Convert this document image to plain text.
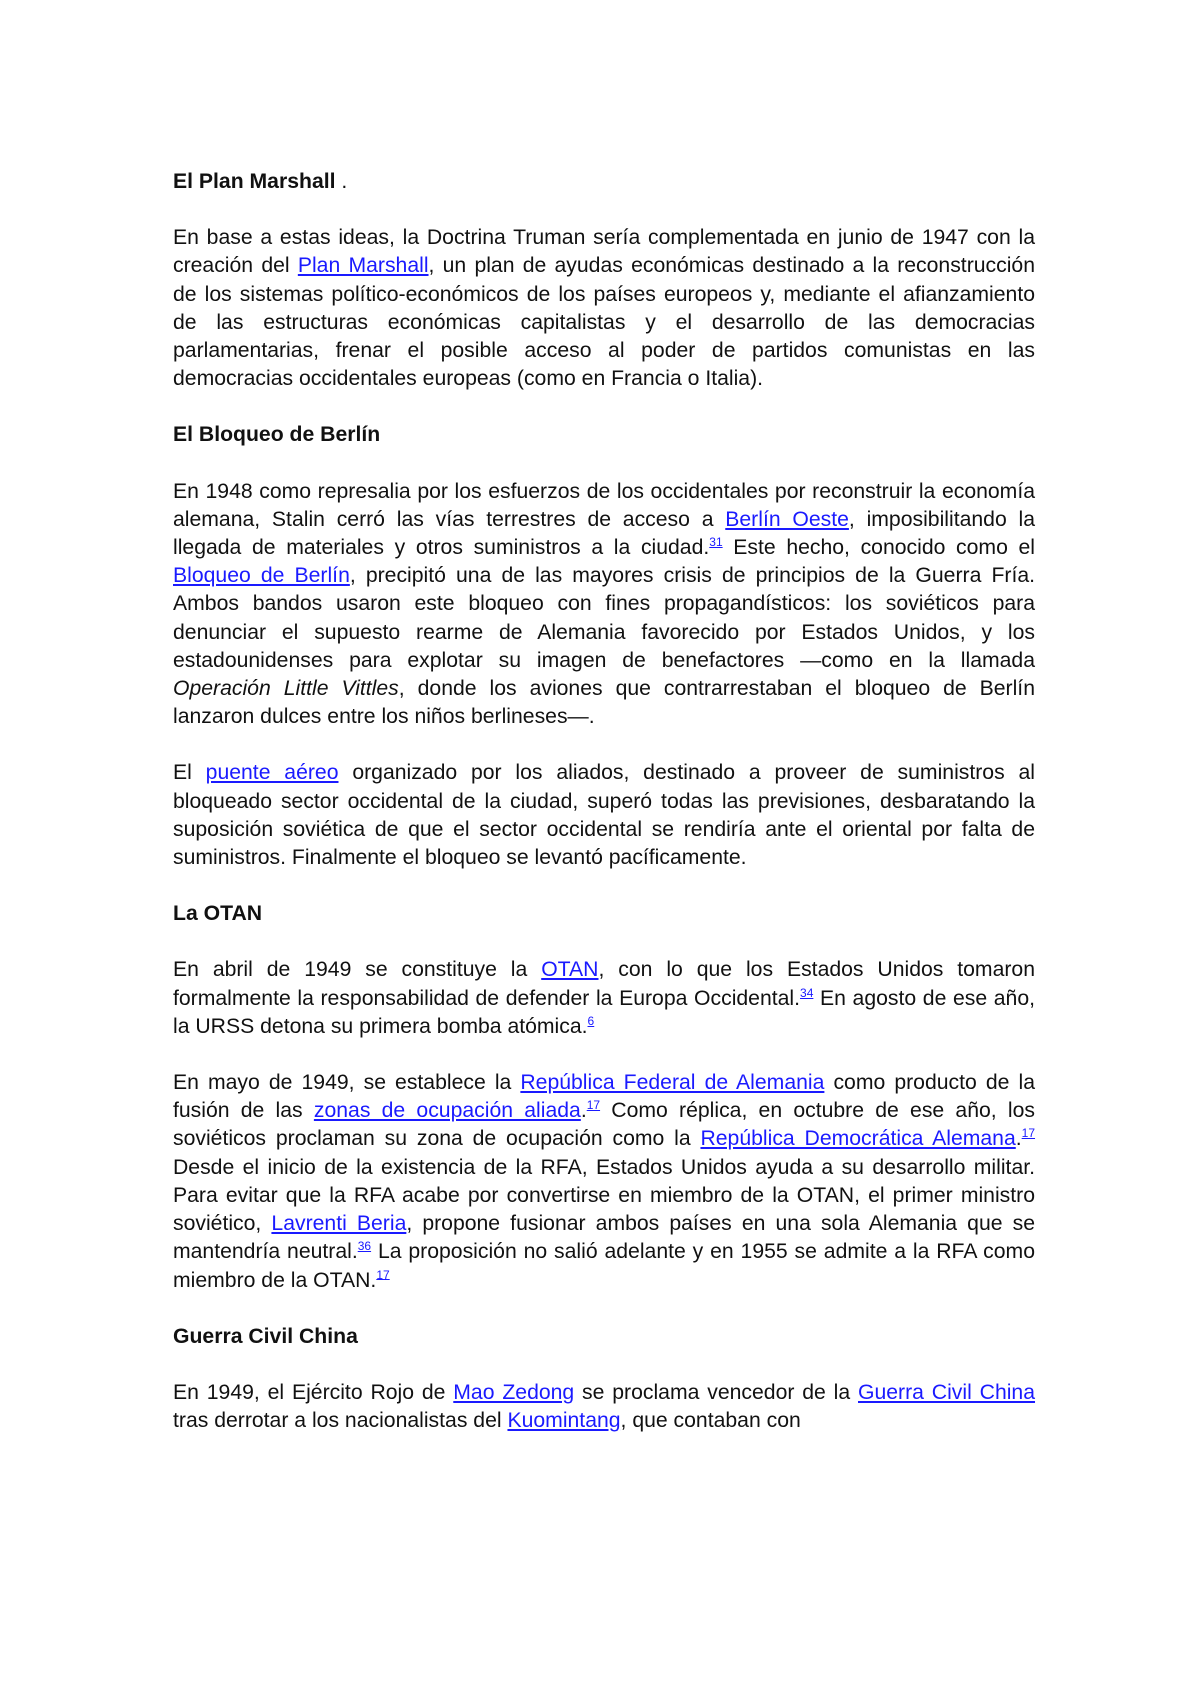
El Plan Marshall .

En base a estas ideas, la Doctrina Truman sería complementada en junio de 1947 con la creación del Plan Marshall, un plan de ayudas económicas destinado a la reconstrucción de los sistemas político-económicos de los países europeos y, mediante el afianzamiento de las estructuras económicas capitalistas y el desarrollo de las democracias parlamentarias, frenar el posible acceso al poder de partidos comunistas en las democracias occidentales europeas (como en Francia o Italia).

El Bloqueo de Berlín

En 1948 como represalia por los esfuerzos de los occidentales por reconstruir la economía alemana, Stalin cerró las vías terrestres de acceso a Berlín Oeste, imposibilitando la llegada de materiales y otros suministros a la ciudad.$^{31}$ Este hecho, conocido como el Bloqueo de Berlín, precipitó una de las mayores crisis de principios de la Guerra Fría. Ambos bandos usaron este bloqueo con fines propagandísticos: los soviéticos para denunciar el supuesto rearme de Alemania favorecido por Estados Unidos, y los estadounidenses para explotar su imagen de benefactores —como en la llamada Operación Little Vittles, donde los aviones que contrarrestaban el bloqueo de Berlín lanzaron dulces entre los niños berlineses—.

El puente aéreo organizado por los aliados, destinado a proveer de suministros al bloqueado sector occidental de la ciudad, superó todas las previsiones, desbaratando la suposición soviética de que el sector occidental se rendiría ante el oriental por falta de suministros. Finalmente el bloqueo se levantó pacíficamente.

La OTAN

En abril de 1949 se constituye la OTAN, con lo que los Estados Unidos tomaron formalmente la responsabilidad de defender la Europa Occidental.$^{34}$ En agosto de ese año, la URSS detona su primera bomba atómica.$^6$

En mayo de 1949, se establece la República Federal de Alemania como producto de la fusión de las zonas de ocupación aliada.$^{17}$ Como réplica, en octubre de ese año, los soviéticos proclaman su zona de ocupación como la República Democrática Alemana.$^{17}$ Desde el inicio de la existencia de la RFA, Estados Unidos ayuda a su desarrollo militar. Para evitar que la RFA acabe por convertirse en miembro de la OTAN, el primer ministro soviético, Lavrenti Beria, propone fusionar ambos países en una sola Alemania que se mantendría neutral.$^{36}$ La proposición no salió adelante y en 1955 se admite a la RFA como miembro de la OTAN.$^{17}$

Guerra Civil China

En 1949, el Ejército Rojo de Mao Zedong se proclama vencedor de la Guerra Civil China tras derrotar a los nacionalistas del Kuomintang, que contaban con
